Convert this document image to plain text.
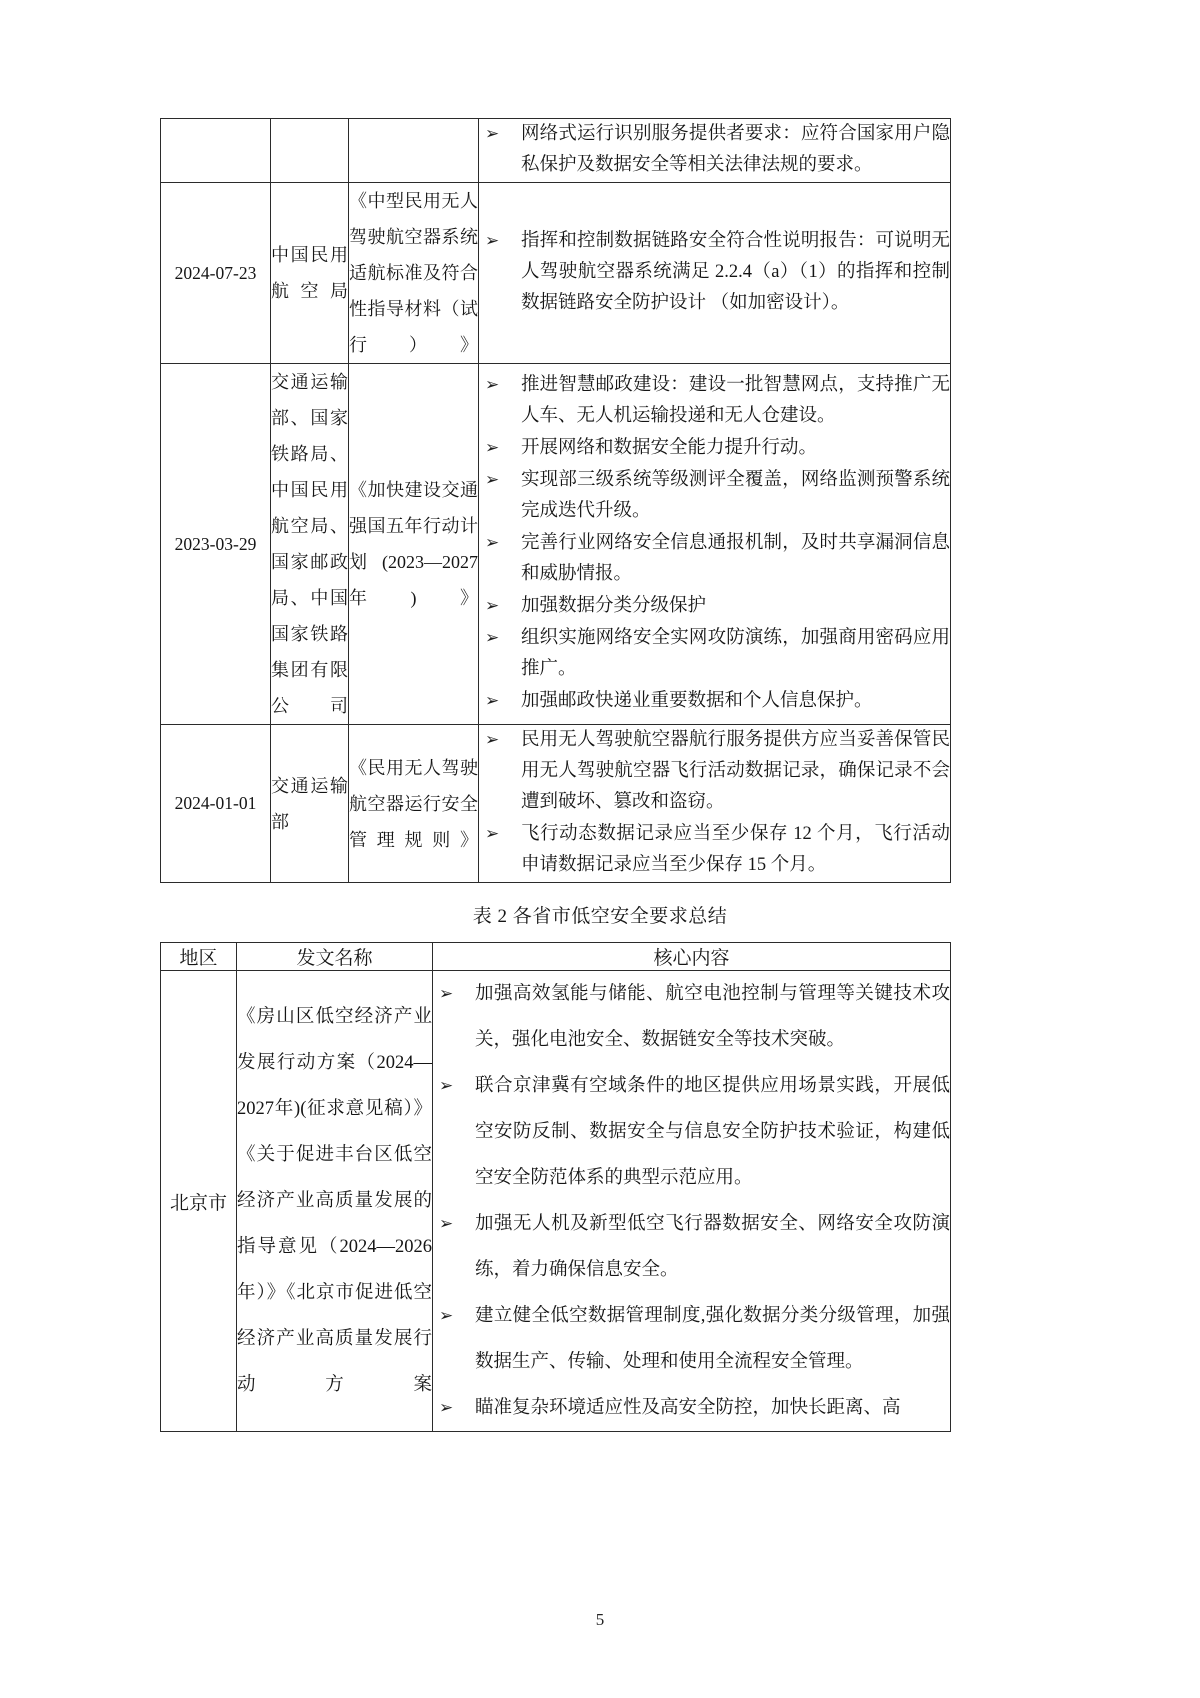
➢ 网络式运行识别服务提供者要求：应符合国家用户隐私保护及数据安全等相关法律法规的要求。

2024-07-23	中国民用航空局	《中型民用无人驾驶航空器系统适航标准及符合性指导材料（试行）》	
➢ 指挥和控制数据链路安全符合性说明报告：可说明无人驾驶航空器系统满足 2.2.4（a）（1）的指挥和控制数据链路安全防护设计 （如加密设计）。

2023-03-29	交通运输部、国家铁路局、中国民用航空局、国家邮政局、中国国家铁路集团有限公司	《加快建设交通强国五年行动计划(2023—2027年)》	
➢ 推进智慧邮政建设：建设一批智慧网点，支持推广无人车、无人机运输投递和无人仓建设。
➢ 开展网络和数据安全能力提升行动。
➢ 实现部三级系统等级测评全覆盖，网络监测预警系统完成迭代升级。
➢ 完善行业网络安全信息通报机制，及时共享漏洞信息和威胁情报。
➢ 加强数据分类分级保护
➢ 组织实施网络安全实网攻防演练，加强商用密码应用推广。
➢ 加强邮政快递业重要数据和个人信息保护。

2024-01-01	交通运输部	《民用无人驾驶航空器运行安全管理规则》	
➢ 民用无人驾驶航空器航行服务提供方应当妥善保管民用无人驾驶航空器飞行活动数据记录，确保记录不会遭到破坏、篡改和盗窃。
➢ 飞行动态数据记录应当至少保存 12 个月，飞行活动申请数据记录应当至少保存 15 个月。
表 2 各省市低空安全要求总结
地区	发文名称	核心内容
北京市	《房山区低空经济产业发展行动方案（2024—2027年)(征求意见稿）》《关于促进丰台区低空经济产业高质量发展的指导意见（2024—2026年）》《北京市促进低空经济产业高质量发展行动方案	
➢ 加强高效氢能与储能、航空电池控制与管理等关键技术攻关，强化电池安全、数据链安全等技术突破。
➢ 联合京津冀有空域条件的地区提供应用场景实践，开展低空安防反制、数据安全与信息安全防护技术验证，构建低空安全防范体系的典型示范应用。
➢ 加强无人机及新型低空飞行器数据安全、网络安全攻防演练，着力确保信息安全。
➢ 建立健全低空数据管理制度,强化数据分类分级管理，加强数据生产、传输、处理和使用全流程安全管理。
➢ 瞄准复杂环境适应性及高安全防控，加快长距离、高
5
